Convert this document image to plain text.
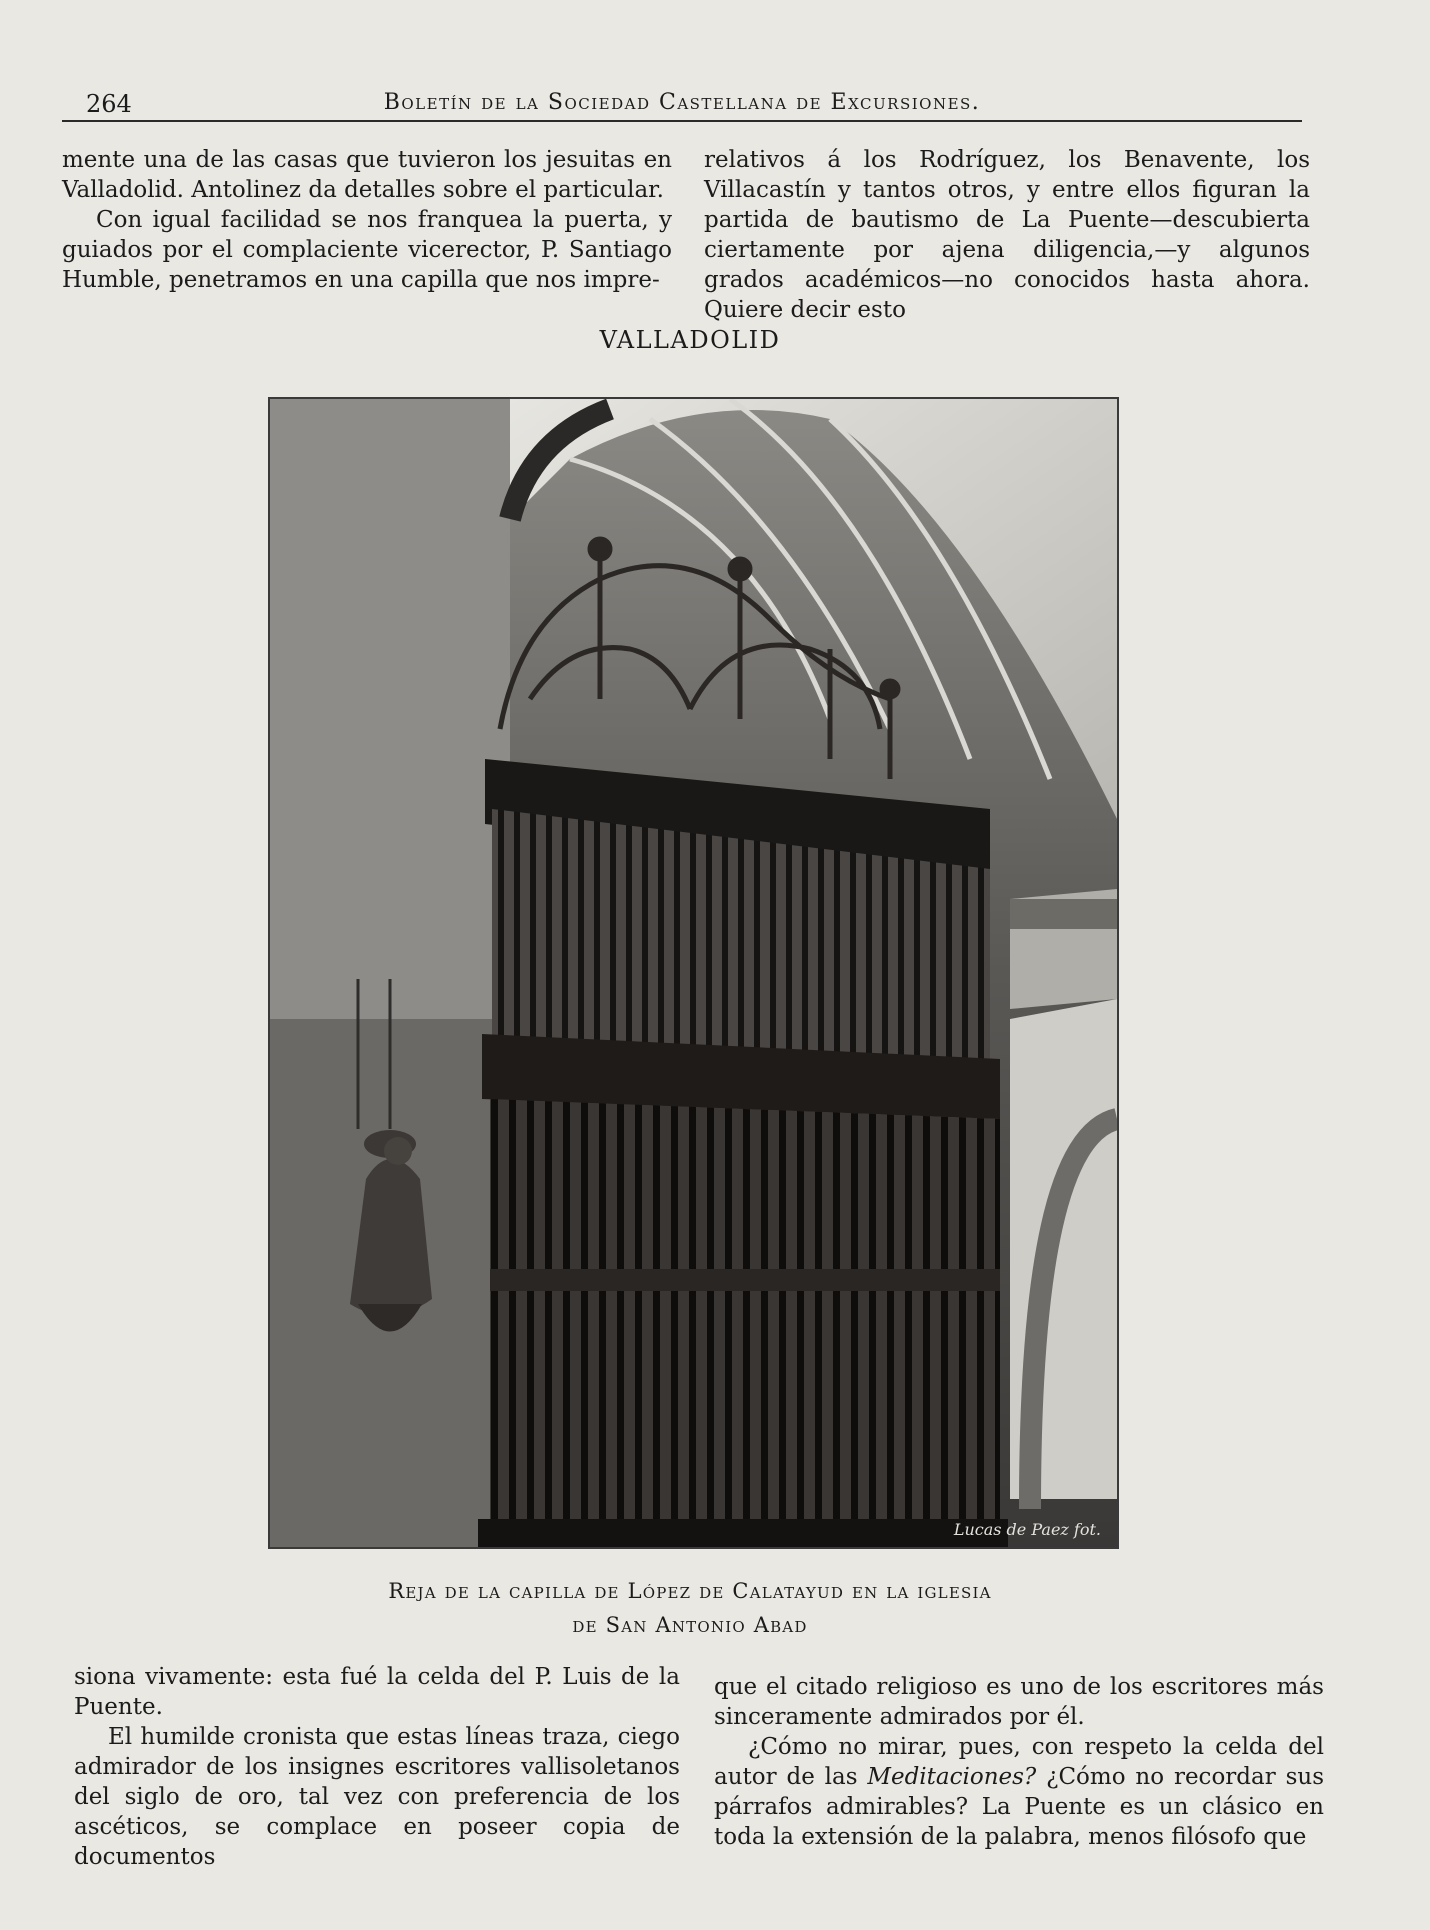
264	Boletín de la Sociedad Castellana de Excursiones.

mente una de las casas que tuvieron los jesuitas en Valladolid. Antolinez da detalles sobre el particular.

Con igual facilidad se nos franquea la puerta, y guiados por el complaciente vicerector, P. Santiago Humble, penetramos en una capilla que nos impre-

relativos á los Rodríguez, los Benavente, los Villacastín y tantos otros, y entre ellos figuran la partida de bautismo de La Puente—descubierta ciertamente por ajena diligencia,—y algunos grados académicos—no conocidos hasta ahora. Quiere decir esto

VALLADOLID
Lucas de Paez fot.
Reja de la capilla de López de Calatayud en la iglesia
de San Antonio Abad

siona vivamente: esta fué la celda del P. Luis de la Puente.

El humilde cronista que estas líneas traza, ciego admirador de los insignes escritores vallisoletanos del siglo de oro, tal vez con preferencia de los ascéticos, se complace en poseer copia de documentos

que el citado religioso es uno de los escritores más sinceramente admirados por él.

¿Cómo no mirar, pues, con respeto la celda del autor de las Meditaciones? ¿Cómo no recordar sus párrafos admirables? La Puente es un clásico en toda la extensión de la palabra, menos filósofo que
